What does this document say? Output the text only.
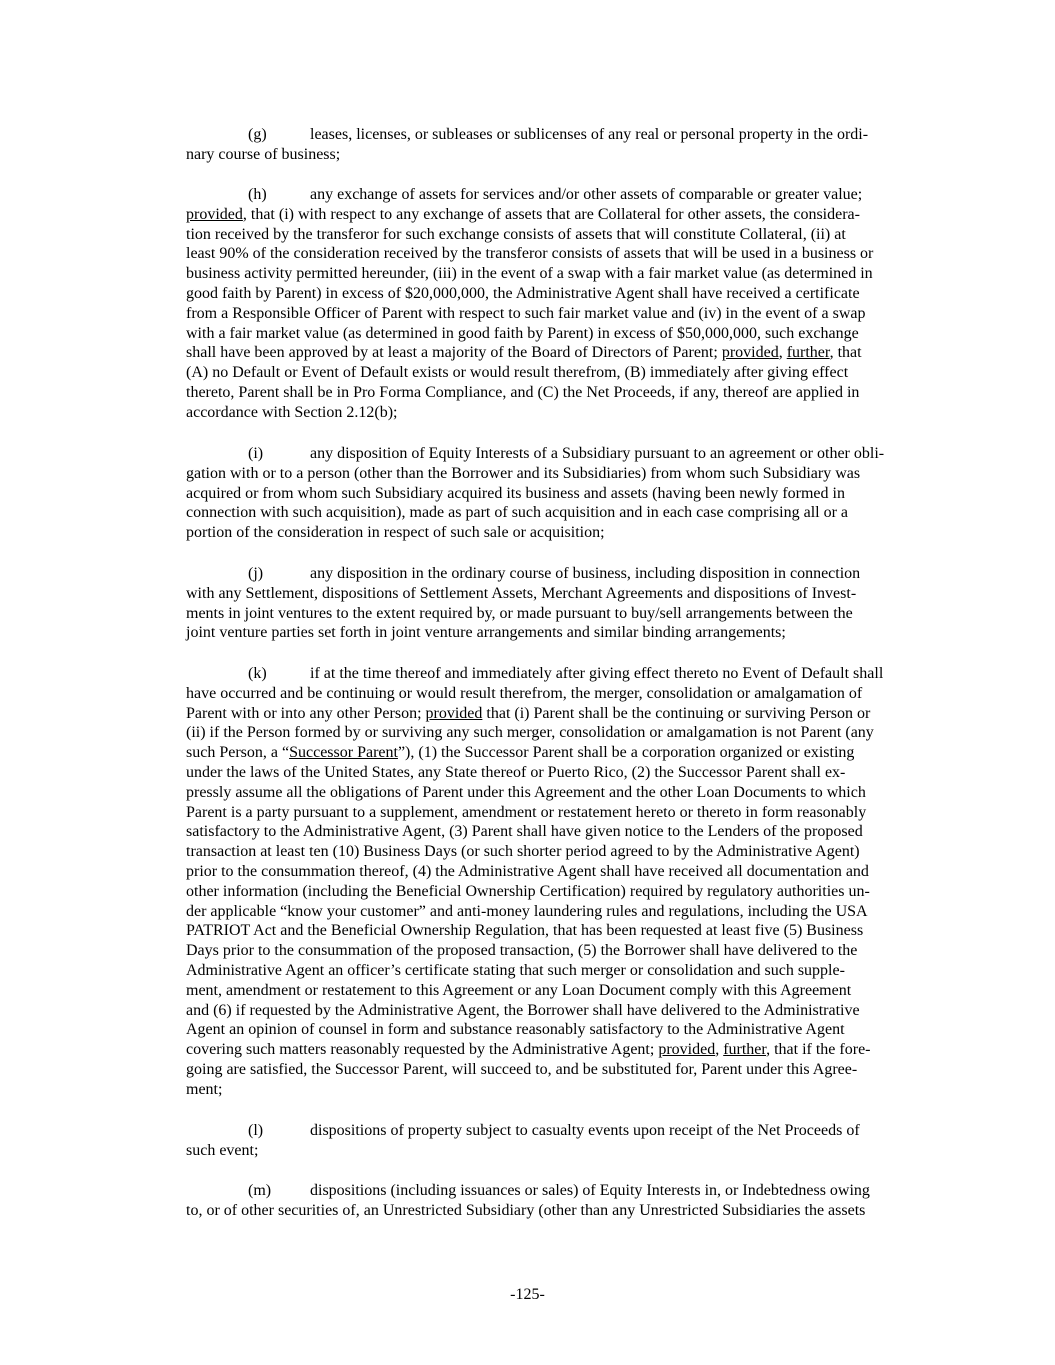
(g)	leases, licenses, or subleases or sublicenses of any real or personal property in the ordi-
nary course of business;

(h)	any exchange of assets for services and/or other assets of comparable or greater value;
provided, that (i) with respect to any exchange of assets that are Collateral for other assets, the considera-
tion received by the transferor for such exchange consists of assets that will constitute Collateral, (ii) at
least 90% of the consideration received by the transferor consists of assets that will be used in a business or
business activity permitted hereunder, (iii) in the event of a swap with a fair market value (as determined in
good faith by Parent) in excess of $20,000,000, the Administrative Agent shall have received a certificate
from a Responsible Officer of Parent with respect to such fair market value and (iv) in the event of a swap
with a fair market value (as determined in good faith by Parent) in excess of $50,000,000, such exchange
shall have been approved by at least a majority of the Board of Directors of Parent; provided, further, that
(A) no Default or Event of Default exists or would result therefrom, (B) immediately after giving effect
thereto, Parent shall be in Pro Forma Compliance, and (C) the Net Proceeds, if any, thereof are applied in
accordance with Section 2.12(b);

(i)	any disposition of Equity Interests of a Subsidiary pursuant to an agreement or other obli-
gation with or to a person (other than the Borrower and its Subsidiaries) from whom such Subsidiary was
acquired or from whom such Subsidiary acquired its business and assets (having been newly formed in
connection with such acquisition), made as part of such acquisition and in each case comprising all or a
portion of the consideration in respect of such sale or acquisition;

(j)	any disposition in the ordinary course of business, including disposition in connection
with any Settlement, dispositions of Settlement Assets, Merchant Agreements and dispositions of Invest-
ments in joint ventures to the extent required by, or made pursuant to buy/sell arrangements between the
joint venture parties set forth in joint venture arrangements and similar binding arrangements;

(k)	if at the time thereof and immediately after giving effect thereto no Event of Default shall
have occurred and be continuing or would result therefrom, the merger, consolidation or amalgamation of
Parent with or into any other Person; provided that (i) Parent shall be the continuing or surviving Person or
(ii) if the Person formed by or surviving any such merger, consolidation or amalgamation is not Parent (any
such Person, a “Successor Parent”), (1) the Successor Parent shall be a corporation organized or existing
under the laws of the United States, any State thereof or Puerto Rico, (2) the Successor Parent shall ex-
pressly assume all the obligations of Parent under this Agreement and the other Loan Documents to which
Parent is a party pursuant to a supplement, amendment or restatement hereto or thereto in form reasonably
satisfactory to the Administrative Agent, (3) Parent shall have given notice to the Lenders of the proposed
transaction at least ten (10) Business Days (or such shorter period agreed to by the Administrative Agent)
prior to the consummation thereof, (4) the Administrative Agent shall have received all documentation and
other information (including the Beneficial Ownership Certification) required by regulatory authorities un-
der applicable “know your customer” and anti-money laundering rules and regulations, including the USA
PATRIOT Act and the Beneficial Ownership Regulation, that has been requested at least five (5) Business
Days prior to the consummation of the proposed transaction, (5) the Borrower shall have delivered to the
Administrative Agent an officer’s certificate stating that such merger or consolidation and such supple-
ment, amendment or restatement to this Agreement or any Loan Document comply with this Agreement
and (6) if requested by the Administrative Agent, the Borrower shall have delivered to the Administrative
Agent an opinion of counsel in form and substance reasonably satisfactory to the Administrative Agent
covering such matters reasonably requested by the Administrative Agent; provided, further, that if the fore-
going are satisfied, the Successor Parent, will succeed to, and be substituted for, Parent under this Agree-
ment;

(l)	dispositions of property subject to casualty events upon receipt of the Net Proceeds of
such event;

(m) dispositions (including issuances or sales) of Equity Interests in, or Indebtedness owing
to, or of other securities of, an Unrestricted Subsidiary (other than any Unrestricted Subsidiaries the assets

-125-
